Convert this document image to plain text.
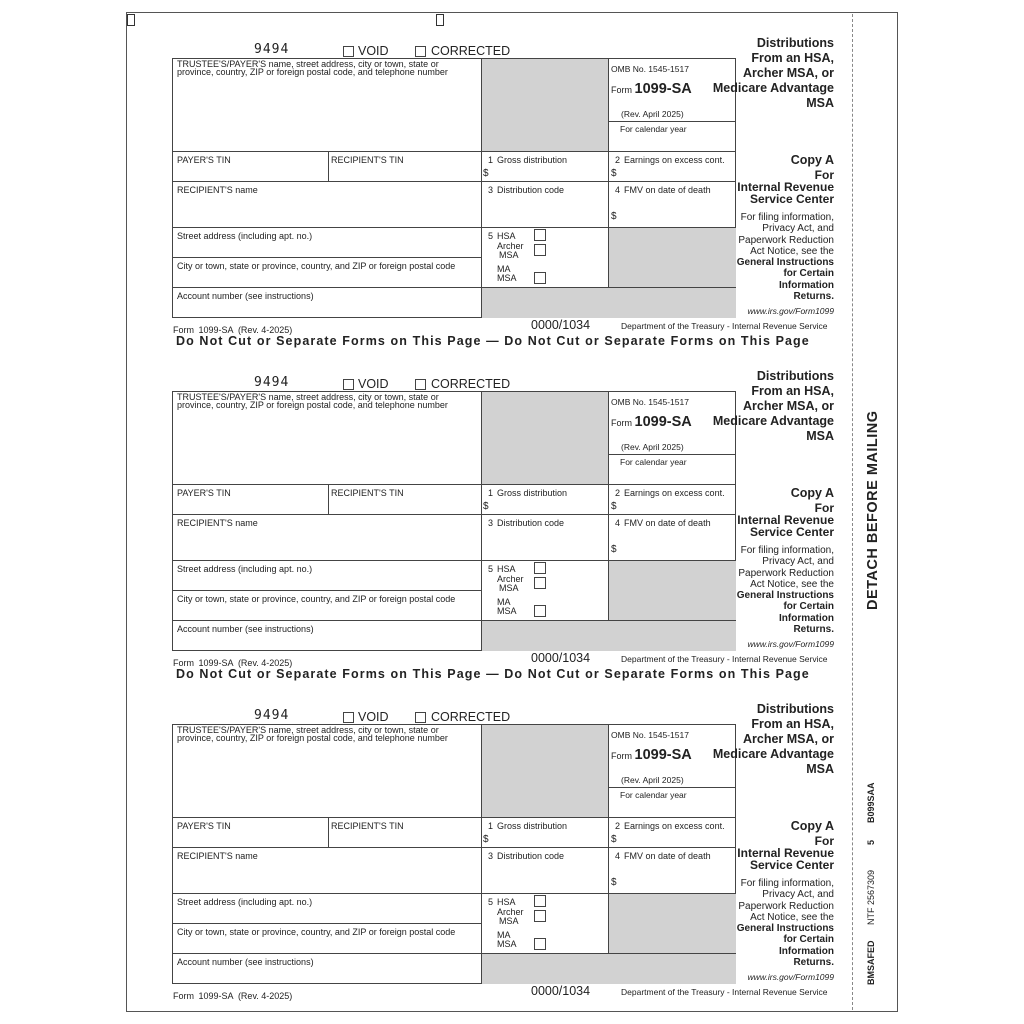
DETACH BEFORE MAILING
BMSAFED
NTF 2567309
5
B099SAA
9494	VOID	CORRECTED
TRUSTEE'S/PAYER'S name, street address, city or town, state or province, country, ZIP or foreign postal code, and telephone number	OMB No. 1545-1517
Form 1099-SA
(Rev. April 2025)
For calendar year
PAYER'S TIN	RECIPIENT'S TIN	1 Gross distribution
$
2 Earnings on excess cont.
$
RECIPIENT'S name	3 Distribution code	4 FMV on date of death
$
Street address (including apt. no.)
City or town, state or province, country, and ZIP or foreign postal code
Account number (see instructions)
5 HSA
Archer
MSA
MA
MSA
Distributions
From an HSA,
Archer MSA, or
Medicare Advantage
MSA
Copy A
For
Internal Revenue
Service Center
For filing information,
Privacy Act, and
Paperwork Reduction
Act Notice, see the
General Instructions
for Certain
Information
Returns.
www.irs.gov/Form1099
Form 1099-SA (Rev. 4-2025)	0000/1034	Department of the Treasury - Internal Revenue Service
9494	VOID	CORRECTED
TRUSTEE'S/PAYER'S name, street address, city or town, state or province, country, ZIP or foreign postal code, and telephone number	OMB No. 1545-1517
Form 1099-SA
(Rev. April 2025)
For calendar year
PAYER'S TIN	RECIPIENT'S TIN	1 Gross distribution
$
2 Earnings on excess cont.
$
RECIPIENT'S name	3 Distribution code	4 FMV on date of death
$
Street address (including apt. no.)
City or town, state or province, country, and ZIP or foreign postal code
Account number (see instructions)
5 HSA
Archer
MSA
MA
MSA
Distributions
From an HSA,
Archer MSA, or
Medicare Advantage
MSA
Copy A
For
Internal Revenue
Service Center
For filing information,
Privacy Act, and
Paperwork Reduction
Act Notice, see the
General Instructions
for Certain
Information
Returns.
www.irs.gov/Form1099
Form 1099-SA (Rev. 4-2025)	0000/1034	Department of the Treasury - Internal Revenue Service
9494	VOID	CORRECTED
TRUSTEE'S/PAYER'S name, street address, city or town, state or province, country, ZIP or foreign postal code, and telephone number	OMB No. 1545-1517
Form 1099-SA
(Rev. April 2025)
For calendar year
PAYER'S TIN	RECIPIENT'S TIN	1 Gross distribution
$
2 Earnings on excess cont.
$
RECIPIENT'S name	3 Distribution code	4 FMV on date of death
$
Street address (including apt. no.)
City or town, state or province, country, and ZIP or foreign postal code
Account number (see instructions)
5 HSA
Archer
MSA
MA
MSA
Distributions
From an HSA,
Archer MSA, or
Medicare Advantage
MSA
Copy A
For
Internal Revenue
Service Center
For filing information,
Privacy Act, and
Paperwork Reduction
Act Notice, see the
General Instructions
for Certain
Information
Returns.
www.irs.gov/Form1099
Form 1099-SA (Rev. 4-2025)	0000/1034	Department of the Treasury - Internal Revenue Service
Do Not Cut or Separate Forms on This Page — Do Not Cut or Separate Forms on This Page
Do Not Cut or Separate Forms on This Page — Do Not Cut or Separate Forms on This Page
